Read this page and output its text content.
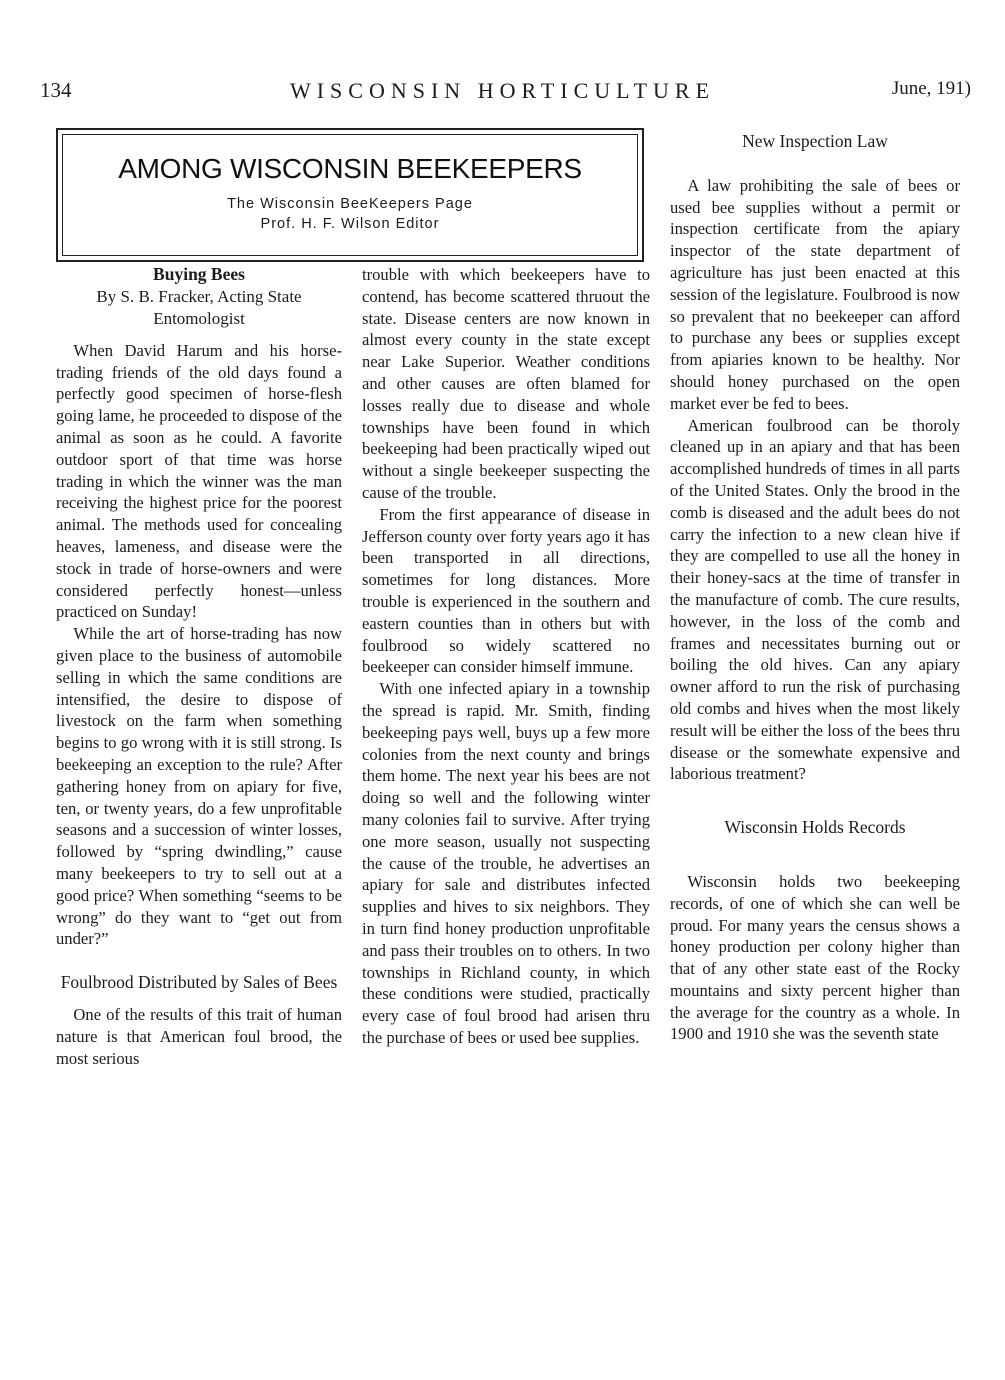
134	WISCONSIN HORTICULTURE	June, 191)
AMONG WISCONSIN BEEKEEPERS
The Wisconsin BeeKeepers Page
Prof. H. F. Wilson Editor
Buying Bees
By S. B. Fracker, Acting State Entomologist

When David Harum and his horse-trading friends of the old days found a perfectly good specimen of horse-flesh going lame, he proceeded to dispose of the animal as soon as he could. A favorite outdoor sport of that time was horse trading in which the winner was the man receiving the highest price for the poorest animal. The methods used for concealing heaves, lameness, and disease were the stock in trade of horse-owners and were considered perfectly honest—unless practiced on Sunday!

While the art of horse-trading has now given place to the business of automobile selling in which the same conditions are intensified, the desire to dispose of livestock on the farm when something begins to go wrong with it is still strong. Is beekeeping an exception to the rule? After gathering honey from on apiary for five, ten, or twenty years, do a few unprofitable seasons and a succession of winter losses, followed by “spring dwindling,” cause many beekeepers to try to sell out at a good price? When something “seems to be wrong” do they want to “get out from under?”

Foulbrood Distributed by Sales of Bees

One of the results of this trait of human nature is that American foul brood, the most serious

trouble with which beekeepers have to contend, has become scattered thruout the state. Disease centers are now known in almost every county in the state except near Lake Superior. Weather conditions and other causes are often blamed for losses really due to disease and whole townships have been found in which beekeeping had been practically wiped out without a single beekeeper suspecting the cause of the trouble.

From the first appearance of disease in Jefferson county over forty years ago it has been transported in all directions, sometimes for long distances. More trouble is experienced in the southern and eastern counties than in others but with foulbrood so widely scattered no beekeeper can consider himself immune.

With one infected apiary in a township the spread is rapid. Mr. Smith, finding beekeeping pays well, buys up a few more colonies from the next county and brings them home. The next year his bees are not doing so well and the following winter many colonies fail to survive. After trying one more season, usually not suspecting the cause of the trouble, he advertises an apiary for sale and distributes infected supplies and hives to six neighbors. They in turn find honey production unprofitable and pass their troubles on to others. In two townships in Richland county, in which these conditions were studied, practically every case of foul brood had arisen thru the purchase of bees or used bee supplies.

New Inspection Law

A law prohibiting the sale of bees or used bee supplies without a permit or inspection certificate from the apiary inspector of the state department of agriculture has just been enacted at this session of the legislature. Foulbrood is now so prevalent that no beekeeper can afford to purchase any bees or supplies except from apiaries known to be healthy. Nor should honey purchased on the open market ever be fed to bees.

American foulbrood can be thoroly cleaned up in an apiary and that has been accomplished hundreds of times in all parts of the United States. Only the brood in the comb is diseased and the adult bees do not carry the infection to a new clean hive if they are compelled to use all the honey in their honey-sacs at the time of transfer in the manufacture of comb. The cure results, however, in the loss of the comb and frames and necessitates burning out or boiling the old hives. Can any apiary owner afford to run the risk of purchasing old combs and hives when the most likely result will be either the loss of the bees thru disease or the somewhate expensive and laborious treatment?

Wisconsin Holds Records

Wisconsin holds two beekeeping records, of one of which she can well be proud. For many years the census shows a honey production per colony higher than that of any other state east of the Rocky mountains and sixty percent higher than the average for the country as a whole. In 1900 and 1910 she was the seventh state
